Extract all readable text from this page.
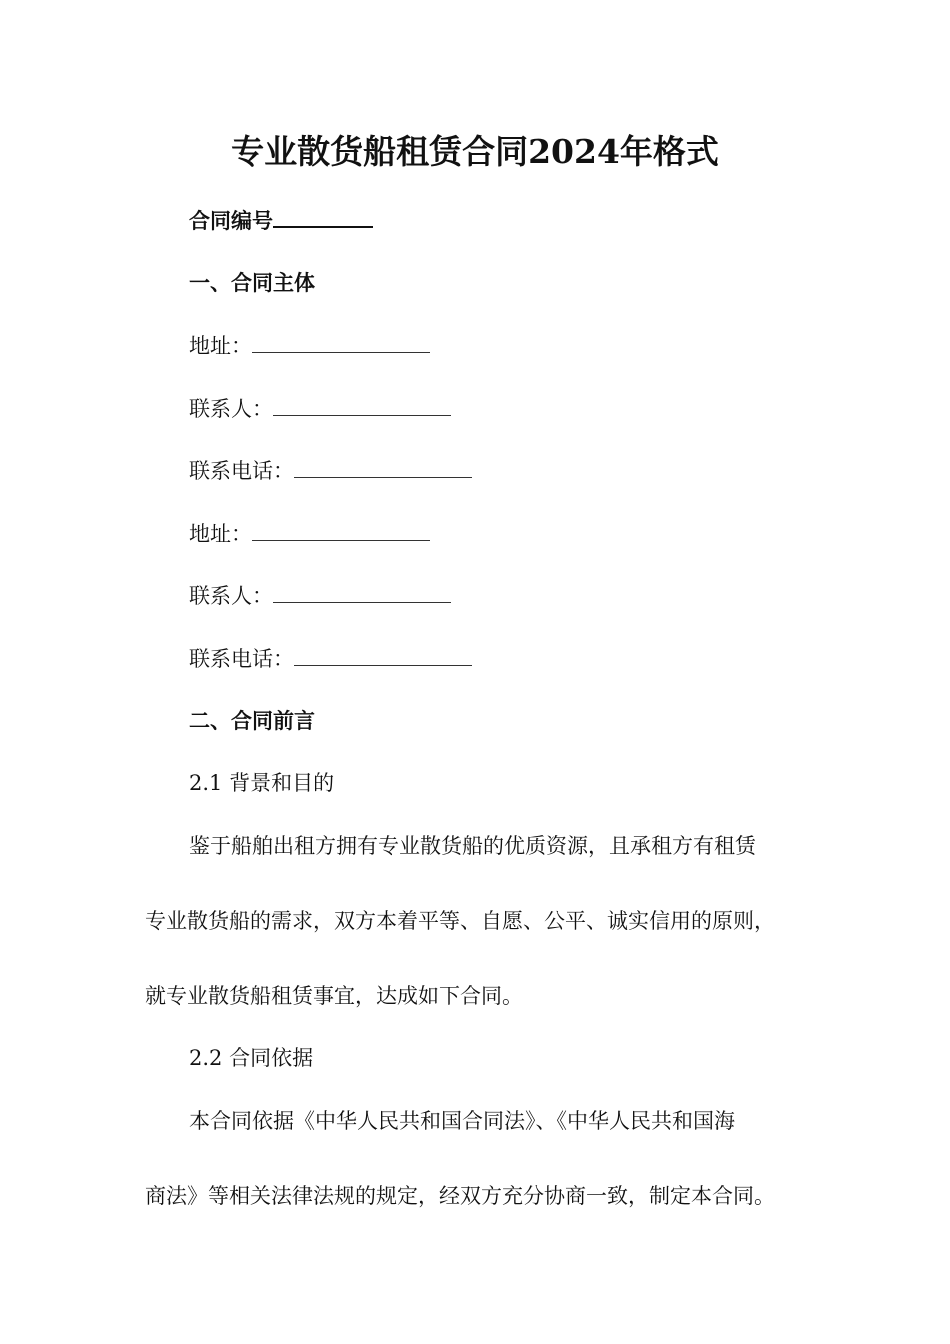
专业散货船租赁合同2024年格式
合同编号
一、合同主体
地址：
联系人：
联系电话：
地址：
联系人：
联系电话：
二、合同前言
2.1 背景和目的
鉴于船舶出租方拥有专业散货船的优质资源，且承租方有租赁
专业散货船的需求，双方本着平等、自愿、公平、诚实信用的原则，
就专业散货船租赁事宜，达成如下合同。
2.2 合同依据
本合同依据《中华人民共和国合同法》、《中华人民共和国海
商法》等相关法律法规的规定，经双方充分协商一致，制定本合同。
